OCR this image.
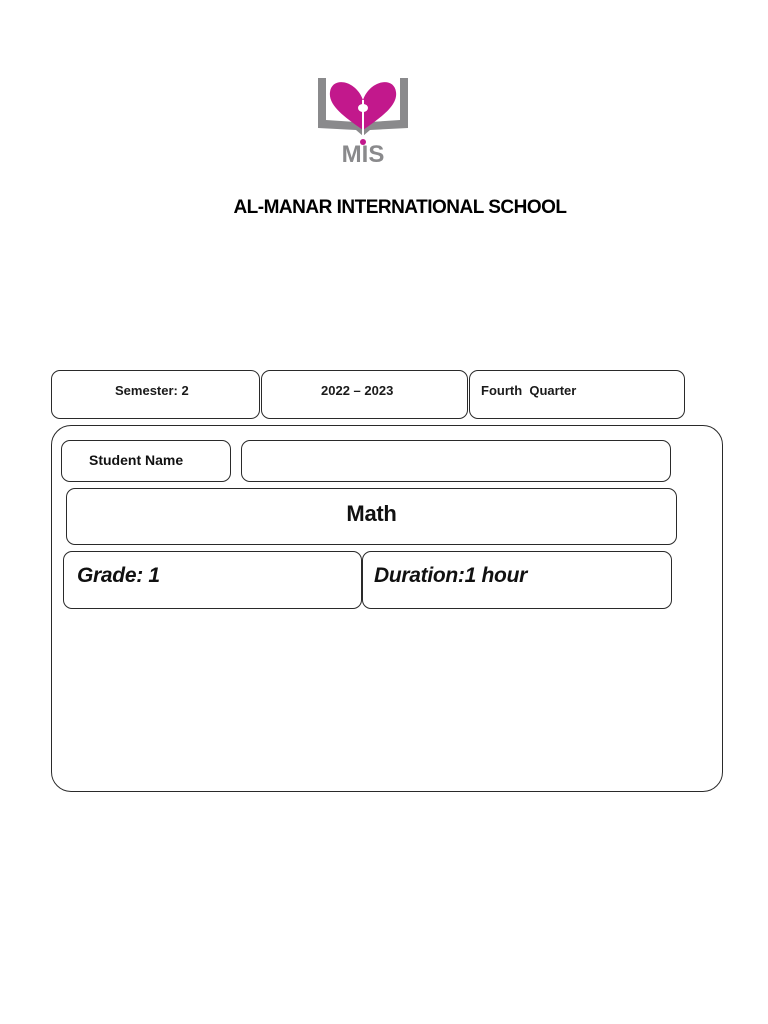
MIS
AL-MANAR INTERNATIONAL SCHOOL
Semester: 2	2022 – 2023	Fourth  Quarter
Student Name
Math
Grade: 1	Duration:1 hour
